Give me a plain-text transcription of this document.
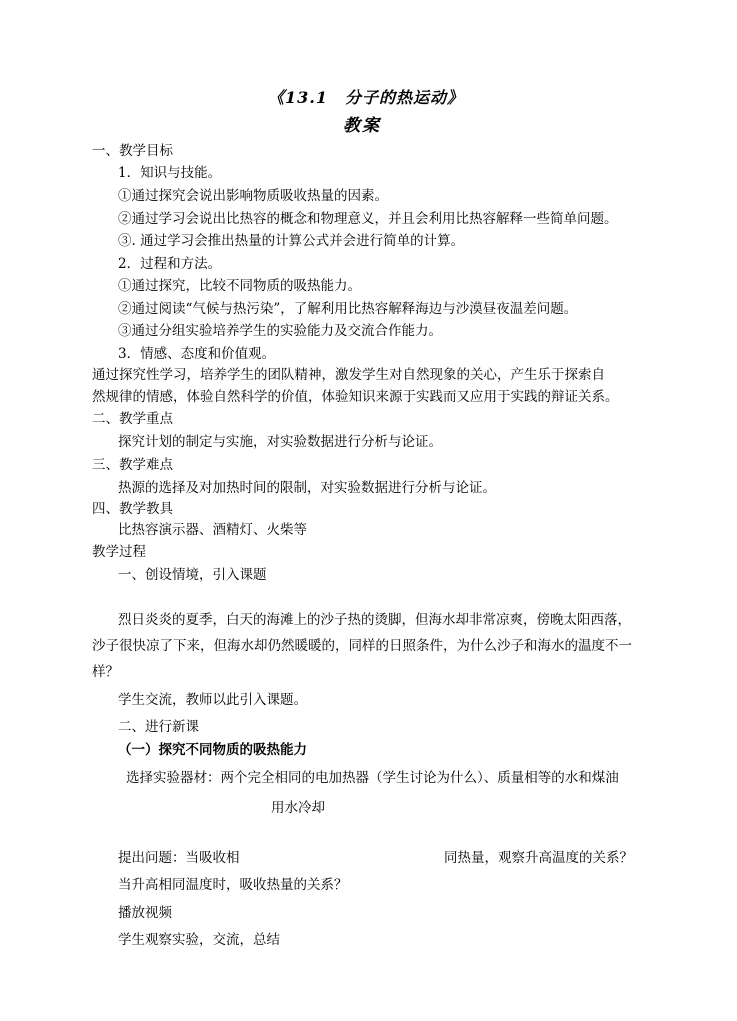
《13.1　分子的热运动》
教案
一、教学目标
1．知识与技能。
①通过探究会说出影响物质吸收热量的因素。
②通过学习会说出比热容的概念和物理意义，并且会利用比热容解释一些简单问题。
③. 通过学习会推出热量的计算公式并会进行简单的计算。
2．过程和方法。
①通过探究，比较不同物质的吸热能力。
②通过阅读“气候与热污染”，了解利用比热容解释海边与沙漠昼夜温差问题。
③通过分组实验培养学生的实验能力及交流合作能力。
3．情感、态度和价值观。
通过探究性学习，培养学生的团队精神，激发学生对自然现象的关心，产生乐于探索自
然规律的情感，体验自然科学的价值，体验知识来源于实践而又应用于实践的辩证关系。
二、教学重点
探究计划的制定与实施，对实验数据进行分析与论证。
三、教学难点
热源的选择及对加热时间的限制，对实验数据进行分析与论证。
四、教学教具
比热容演示器、酒精灯、火柴等
教学过程
一、创设情境，引入课题
烈日炎炎的夏季，白天的海滩上的沙子热的烫脚，但海水却非常凉爽，傍晚太阳西落，
沙子很快凉了下来，但海水却仍然暖暖的，同样的日照条件，为什么沙子和海水的温度不一
样？
学生交流，教师以此引入课题。
二、进行新课
（一）探究不同物质的吸热能力
选择实验器材：两个完全相同的电加热器（学生讨论为什么）、质量相等的水和煤油
用水冷却
提出问题：当吸收相	同热量，观察升高温度的关系？
当升高相同温度时，吸收热量的关系？
播放视频
学生观察实验，交流，总结
